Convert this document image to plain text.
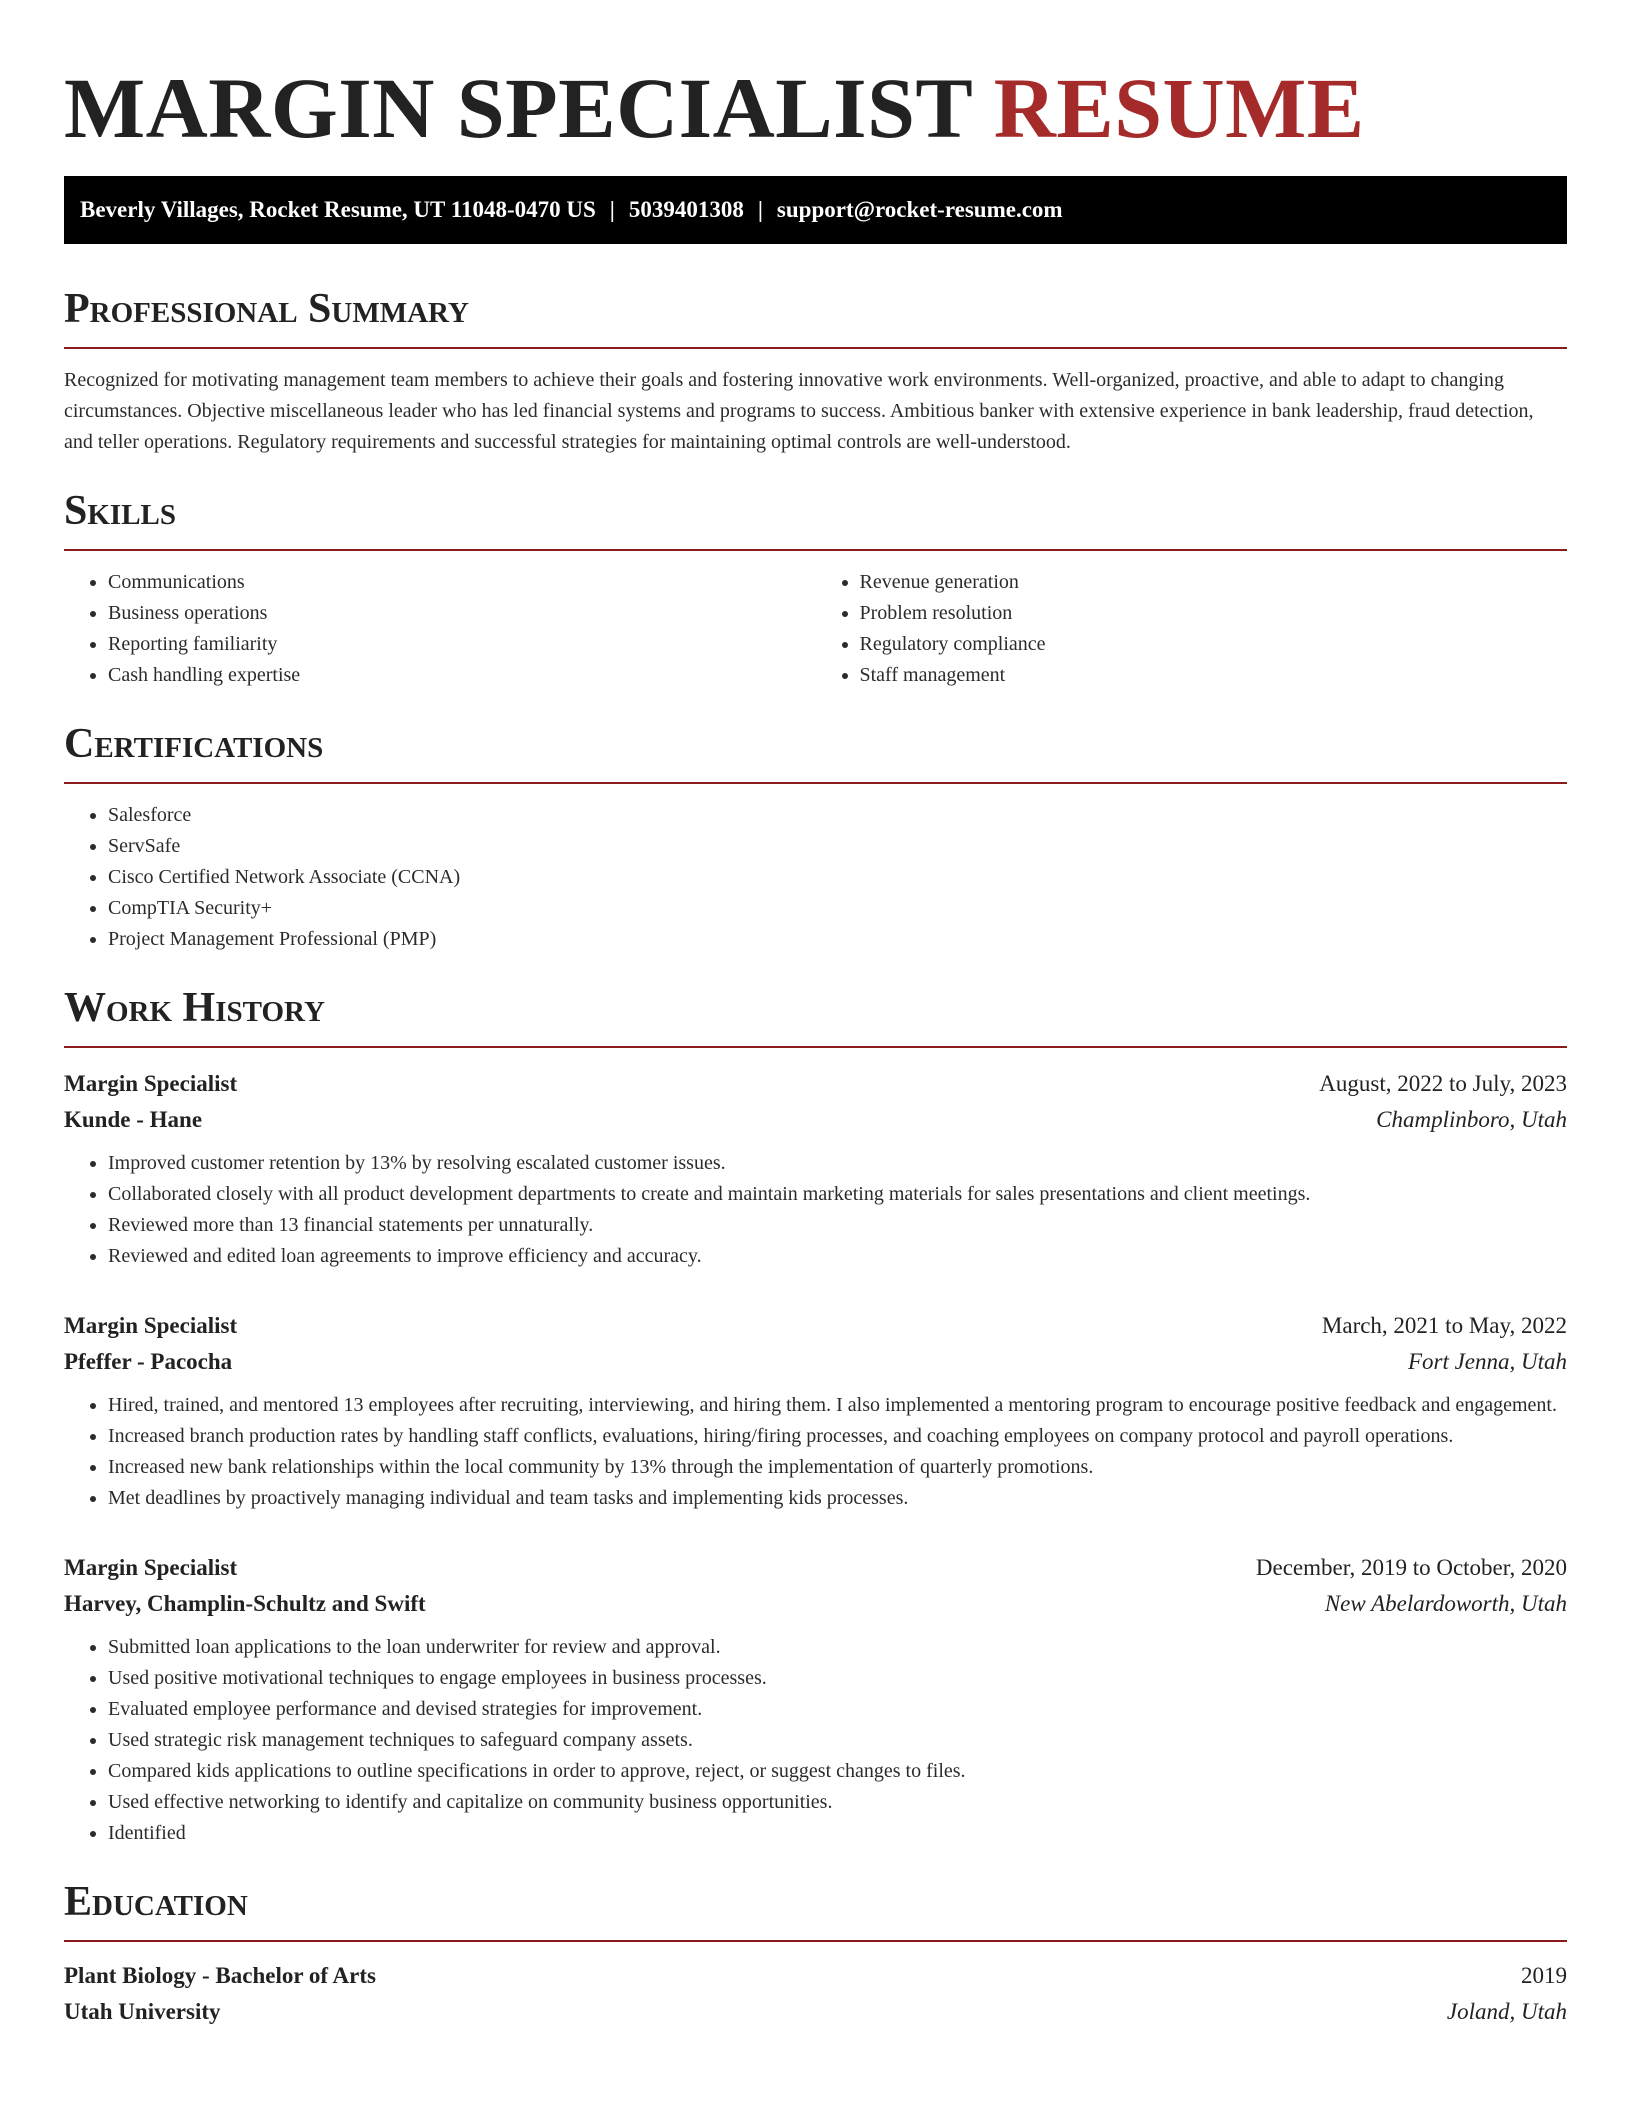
MARGIN SPECIALIST RESUME
Beverly Villages, Rocket Resume, UT 11048-0470 US | 5039401308 | support@rocket-resume.com
Professional Summary

Recognized for motivating management team members to achieve their goals and fostering innovative work environments. Well-organized, proactive, and able to adapt to changing circumstances. Objective miscellaneous leader who has led financial systems and programs to success. Ambitious banker with extensive experience in bank leadership, fraud detection, and teller operations. Regulatory requirements and successful strategies for maintaining optimal controls are well-understood.

Skills
• Communications
• Business operations
• Reporting familiarity
• Cash handling expertise
• Revenue generation
• Problem resolution
• Regulatory compliance
• Staff management
Certifications
• Salesforce
• ServSafe
• Cisco Certified Network Associate (CCNA)
• CompTIA Security+
• Project Management Professional (PMP)
Work History
Margin Specialist	August, 2022 to July, 2023
Kunde - Hane	Champlinboro, Utah
• Improved customer retention by 13% by resolving escalated customer issues.
• Collaborated closely with all product development departments to create and maintain marketing materials for sales presentations and client meetings.
• Reviewed more than 13 financial statements per unnaturally.
• Reviewed and edited loan agreements to improve efficiency and accuracy.
Margin Specialist	March, 2021 to May, 2022
Pfeffer - Pacocha	Fort Jenna, Utah
• Hired, trained, and mentored 13 employees after recruiting, interviewing, and hiring them. I also implemented a mentoring program to encourage positive feedback and engagement.
• Increased branch production rates by handling staff conflicts, evaluations, hiring/firing processes, and coaching employees on company protocol and payroll operations.
• Increased new bank relationships within the local community by 13% through the implementation of quarterly promotions.
• Met deadlines by proactively managing individual and team tasks and implementing kids processes.
Margin Specialist	December, 2019 to October, 2020
Harvey, Champlin-Schultz and Swift	New Abelardoworth, Utah
• Submitted loan applications to the loan underwriter for review and approval.
• Used positive motivational techniques to engage employees in business processes.
• Evaluated employee performance and devised strategies for improvement.
• Used strategic risk management techniques to safeguard company assets.
• Compared kids applications to outline specifications in order to approve, reject, or suggest changes to files.
• Used effective networking to identify and capitalize on community business opportunities.
• Identified
Education
Plant Biology - Bachelor of Arts	2019
Utah University	Joland, Utah
